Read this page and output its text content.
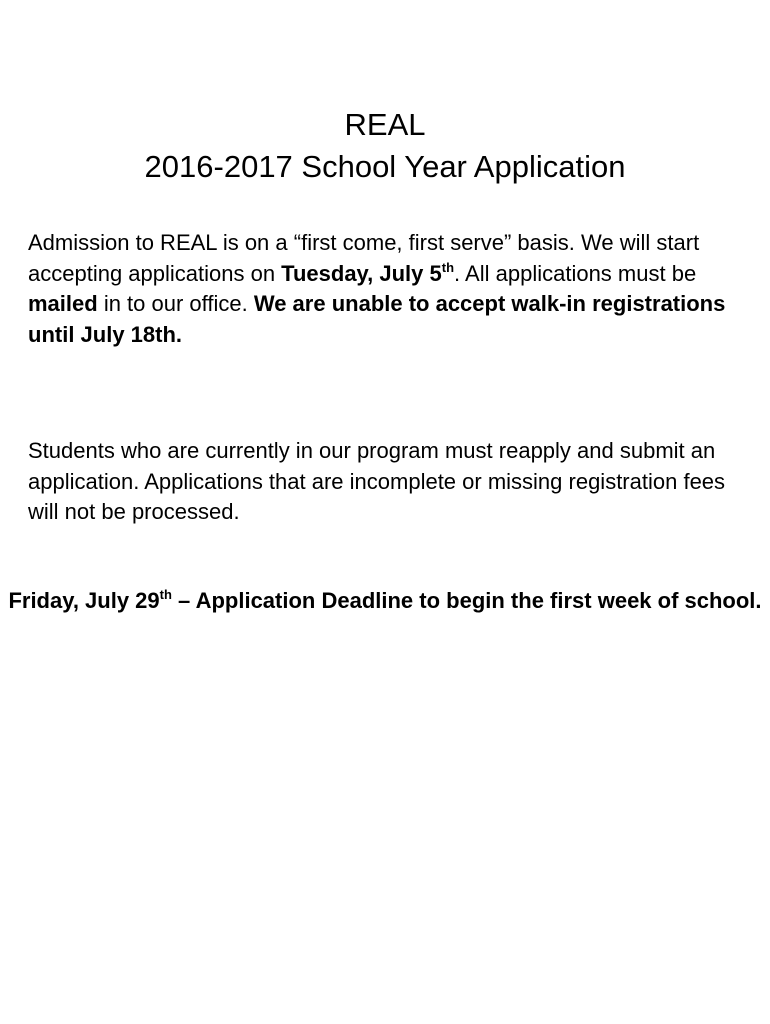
REAL
2016-2017 School Year Application
Admission to REAL is on a “first come, first serve” basis. We will start accepting applications on Tuesday, July 5th. All applications must be mailed in to our office. We are unable to accept walk-in registrations until July 18th.
Students who are currently in our program must reapply and submit an application. Applications that are incomplete or missing registration fees will not be processed.
Friday, July 29th – Application Deadline to begin the first week of school.
